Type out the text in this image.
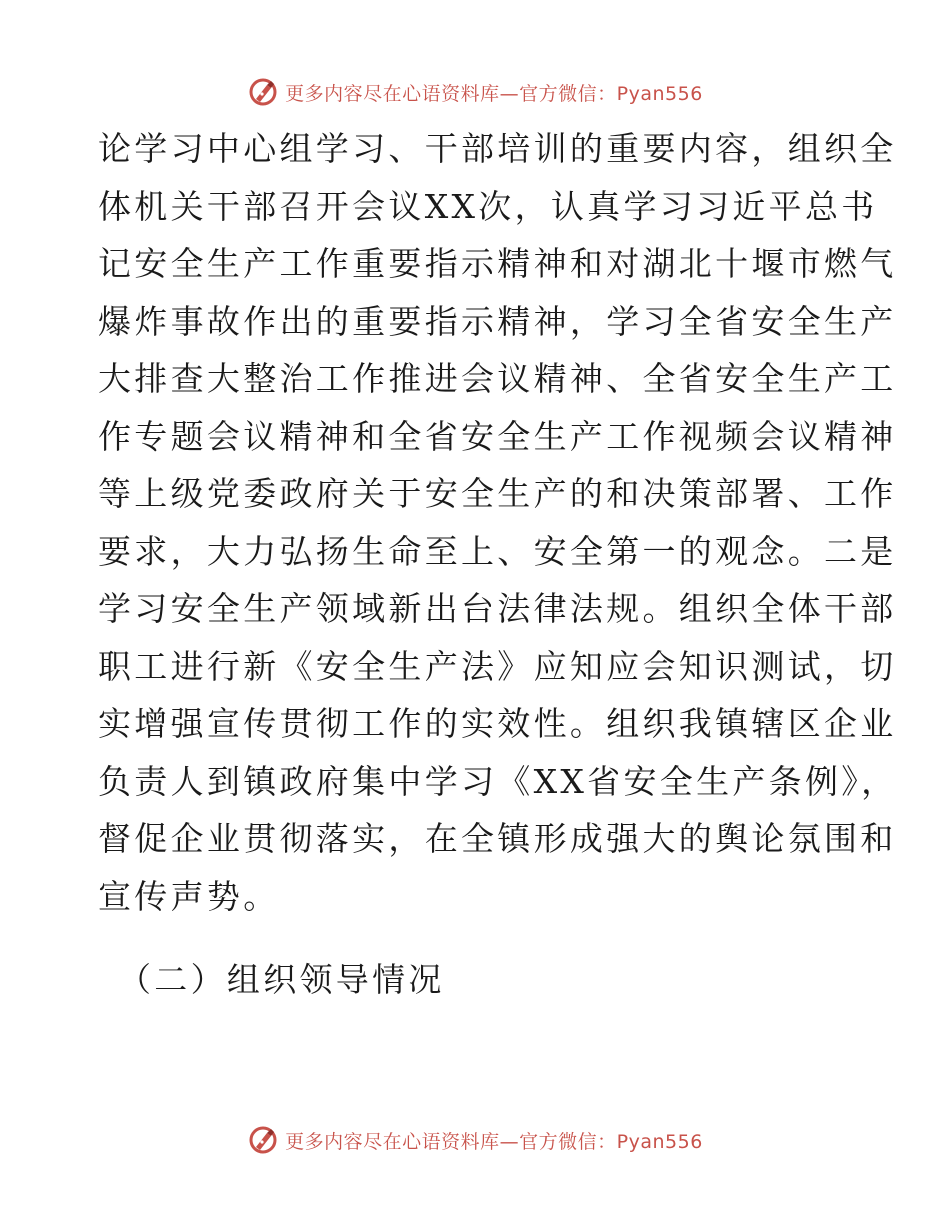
更多内容尽在心语资料库—官方微信：Pyan556
论学习中心组学习、干部培训的重要内容，组织全
体机关干部召开会议XX次，认真学习习近平总书
记安全生产工作重要指示精神和对湖北十堰市燃气
爆炸事故作出的重要指示精神，学习全省安全生产
大排查大整治工作推进会议精神、全省安全生产工
作专题会议精神和全省安全生产工作视频会议精神
等上级党委政府关于安全生产的和决策部署、工作
要求，大力弘扬生命至上、安全第一的观念。二是
学习安全生产领域新出台法律法规。组织全体干部
职工进行新《安全生产法》应知应会知识测试，切
实增强宣传贯彻工作的实效性。组织我镇辖区企业
负责人到镇政府集中学习《XX省安全生产条例》，
督促企业贯彻落实，在全镇形成强大的舆论氛围和
宣传声势。
（二）组织领导情况
更多内容尽在心语资料库—官方微信：Pyan556
